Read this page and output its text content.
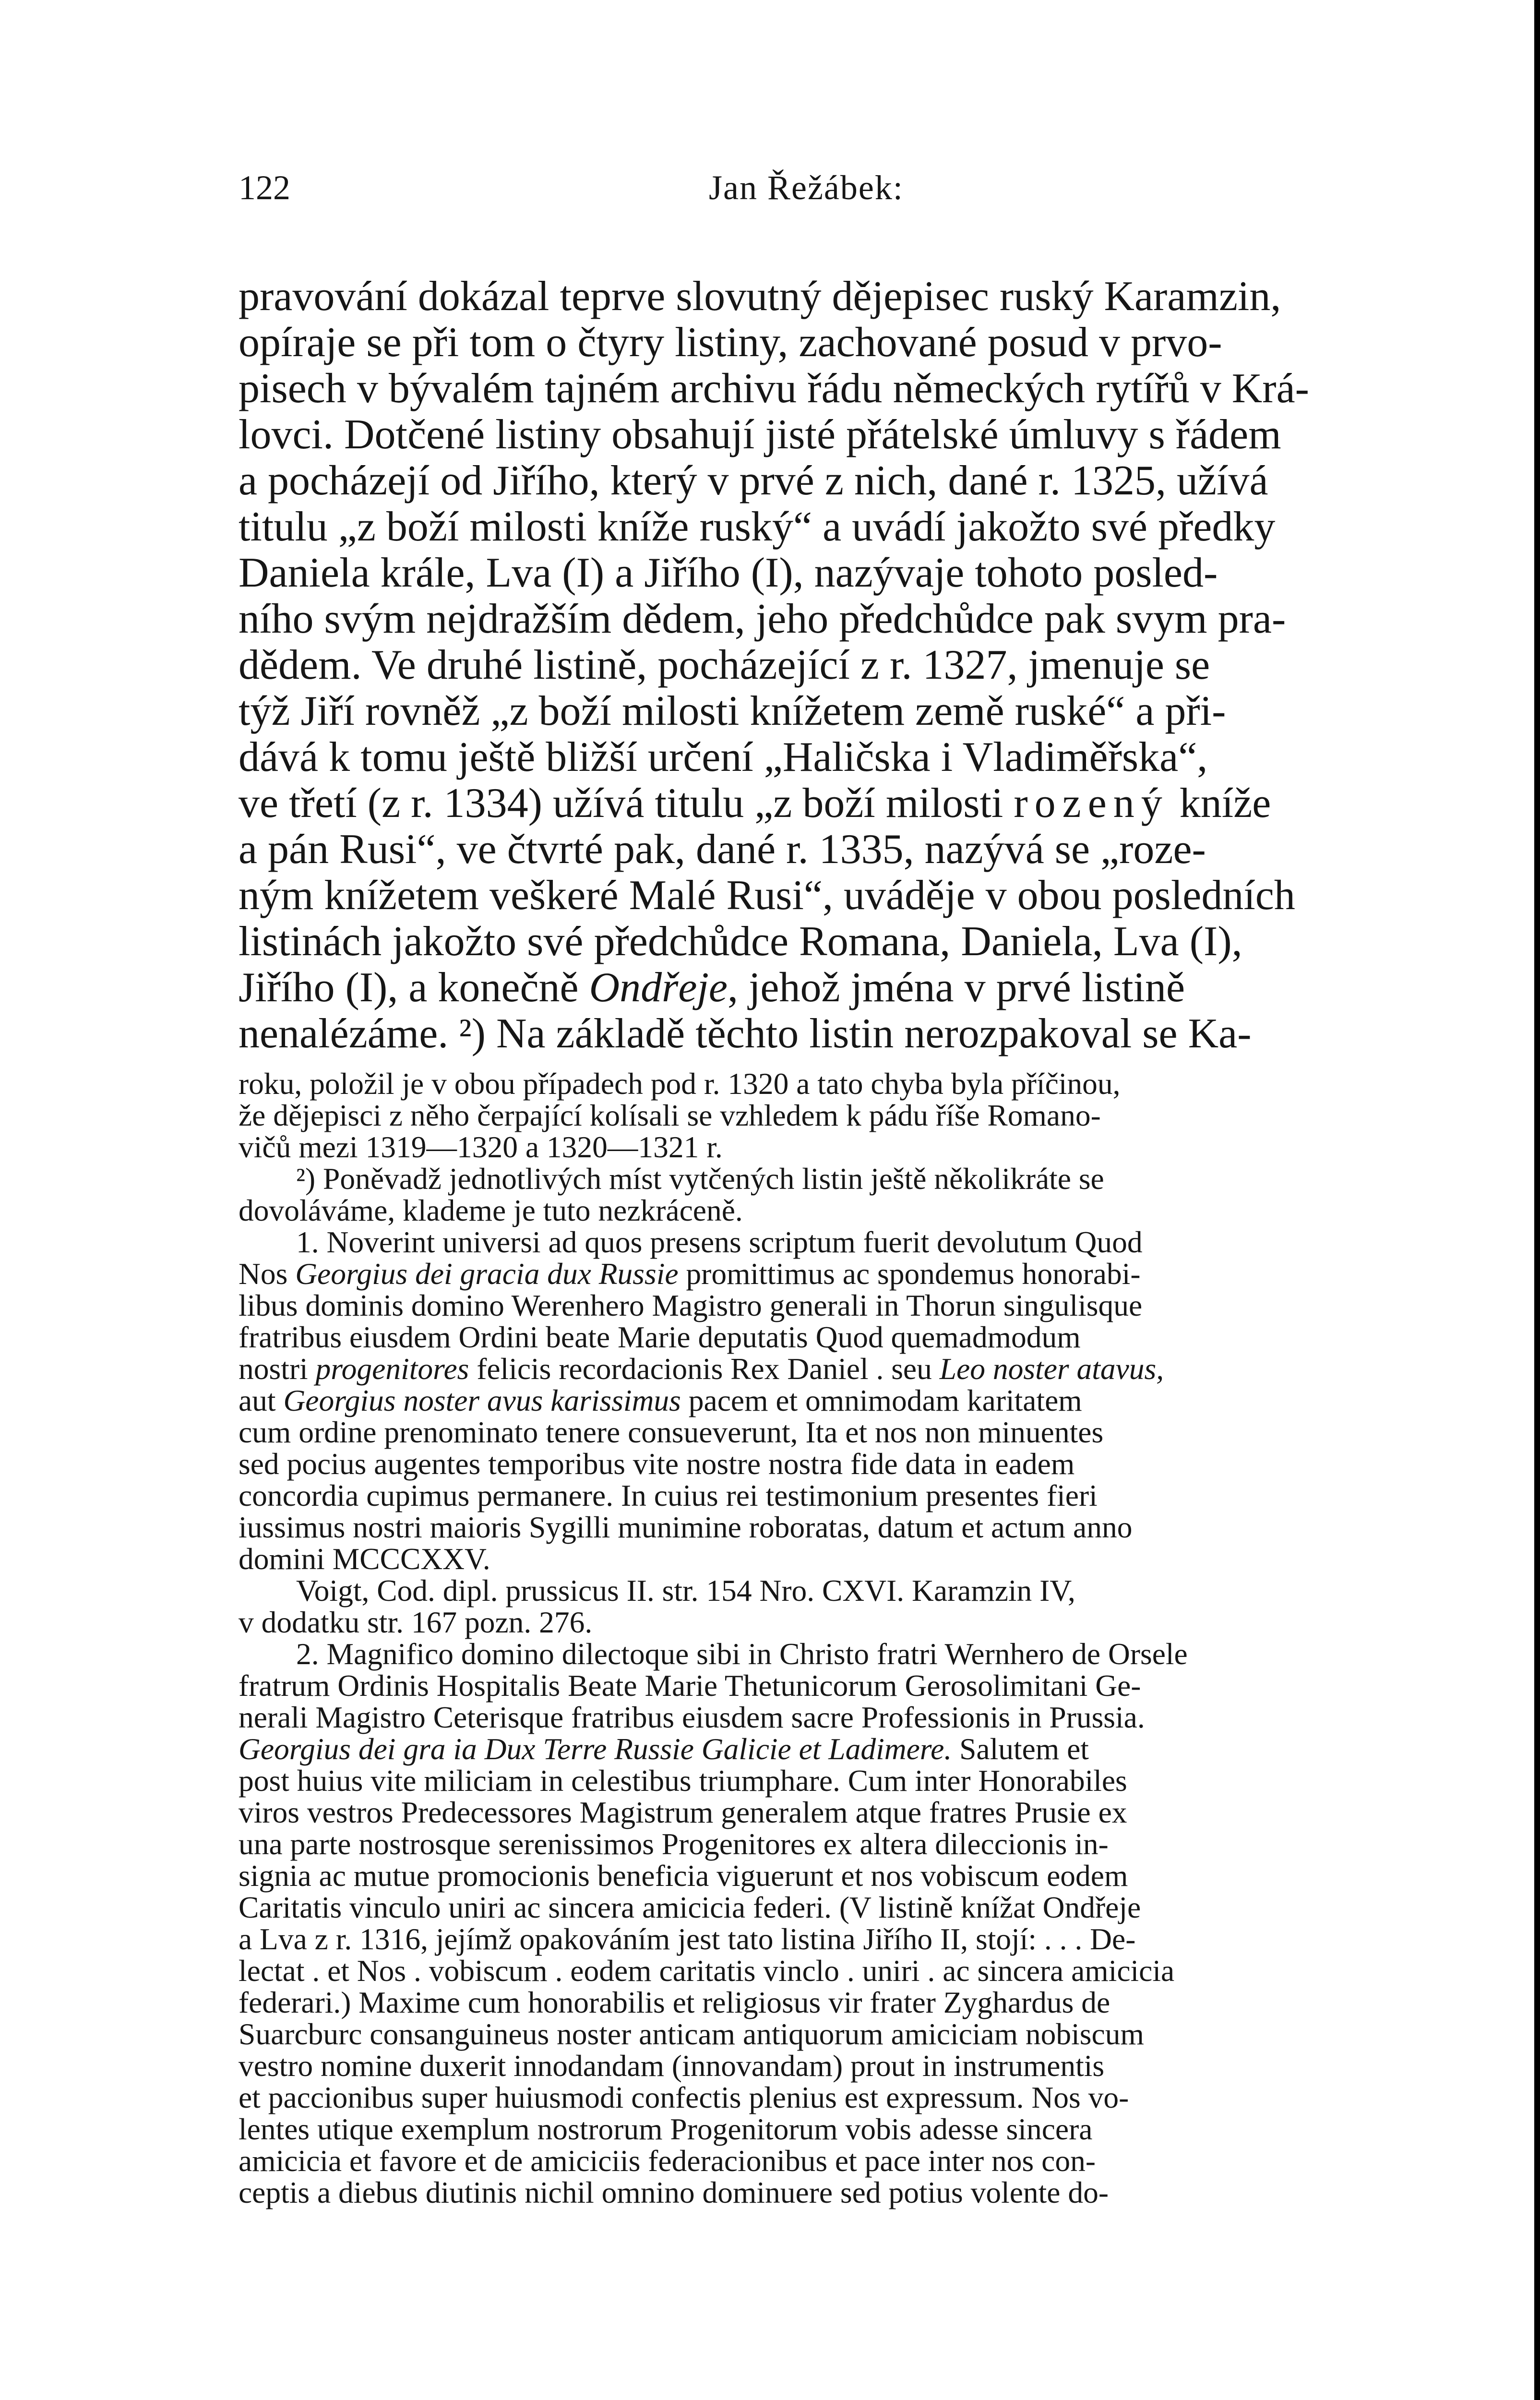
122	Jan Řežábek:
pravování dokázal teprve slovutný dějepisec ruský Karamzin,
opíraje se při tom o čtyry listiny, zachované posud v prvo-
pisech v bývalém tajném archivu řádu německých rytířů v Krá-
lovci. Dotčené listiny obsahují jisté přátelské úmluvy s řádem
a pocházejí od Jiřího, který v prvé z nich, dané r. 1325, užívá
titulu „z boží milosti kníže ruský“ a uvádí jakožto své předky
Daniela krále, Lva (I) a Jiřího (I), nazývaje tohoto posled-
ního svým nejdražším dědem, jeho předchůdce pak svym pra-
dědem. Ve druhé listině, pocházející z r. 1327, jmenuje se
týž Jiří rovněž „z boží milosti knížetem země ruské“ a při-
dává k tomu ještě bližší určení „Haličska i Vladiměřska“,
ve třetí (z r. 1334) užívá titulu „z boží milosti rozený kníže
a pán Rusi“, ve čtvrté pak, dané r. 1335, nazývá se „roze-
ným knížetem veškeré Malé Rusi“, uváděje v obou posledních
listinách jakožto své předchůdce Romana, Daniela, Lva (I),
Jiřího (I), a konečně Ondřeje, jehož jména v prvé listině
nenalézáme. ²) Na základě těchto listin nerozpakoval se Ka-
roku, položil je v obou případech pod r. 1320 a tato chyba byla příčinou,
že dějepisci z něho čerpající kolísali se vzhledem k pádu říše Romano-
vičů mezi 1319—1320 a 1320—1321 r.
²) Poněvadž jednotlivých míst vytčených listin ještě několikráte se
dovoláváme, klademe je tuto nezkráceně.
1. Noverint universi ad quos presens scriptum fuerit devolutum Quod
Nos Georgius dei gracia dux Russie promittimus ac spondemus honorabi-
libus dominis domino Werenhero Magistro generali in Thorun singulisque
fratribus eiusdem Ordini beate Marie deputatis Quod quemadmodum
nostri progenitores felicis recordacionis Rex Daniel . seu Leo noster atavus,
aut Georgius noster avus karissimus pacem et omnimodam karitatem
cum ordine prenominato tenere consueverunt, Ita et nos non minuentes
sed pocius augentes temporibus vite nostre nostra fide data in eadem
concordia cupimus permanere. In cuius rei testimonium presentes fieri
iussimus nostri maioris Sygilli munimine roboratas, datum et actum anno
domini MCCCXXV.
Voigt, Cod. dipl. prussicus II. str. 154 Nro. CXVI. Karamzin IV,
v dodatku str. 167 pozn. 276.
2. Magnifico domino dilectoque sibi in Christo fratri Wernhero de Orsele
fratrum Ordinis Hospitalis Beate Marie Thetunicorum Gerosolimitani Ge-
nerali Magistro Ceterisque fratribus eiusdem sacre Professionis in Prussia.
Georgius dei gra ia Dux Terre Russie Galicie et Ladimere. Salutem et
post huius vite miliciam in celestibus triumphare. Cum inter Honorabiles
viros vestros Predecessores Magistrum generalem atque fratres Prusie ex
una parte nostrosque serenissimos Progenitores ex altera dileccionis in-
signia ac mutue promocionis beneficia viguerunt et nos vobiscum eodem
Caritatis vinculo uniri ac sincera amicicia federi. (V listině knížat Ondřeje
a Lva z r. 1316, jejímž opakováním jest tato listina Jiřího II, stojí: . . . De-
lectat . et Nos . vobiscum . eodem caritatis vinclo . uniri . ac sincera amicicia
federari.) Maxime cum honorabilis et religiosus vir frater Zyghardus de
Suarcburc consanguineus noster anticam antiquorum amiciciam nobiscum
vestro nomine duxerit innodandam (innovandam) prout in instrumentis
et paccionibus super huiusmodi confectis plenius est expressum. Nos vo-
lentes utique exemplum nostrorum Progenitorum vobis adesse sincera
amicicia et favore et de amiciciis federacionibus et pace inter nos con-
ceptis a diebus diutinis nichil omnino dominuere sed potius volente do-
